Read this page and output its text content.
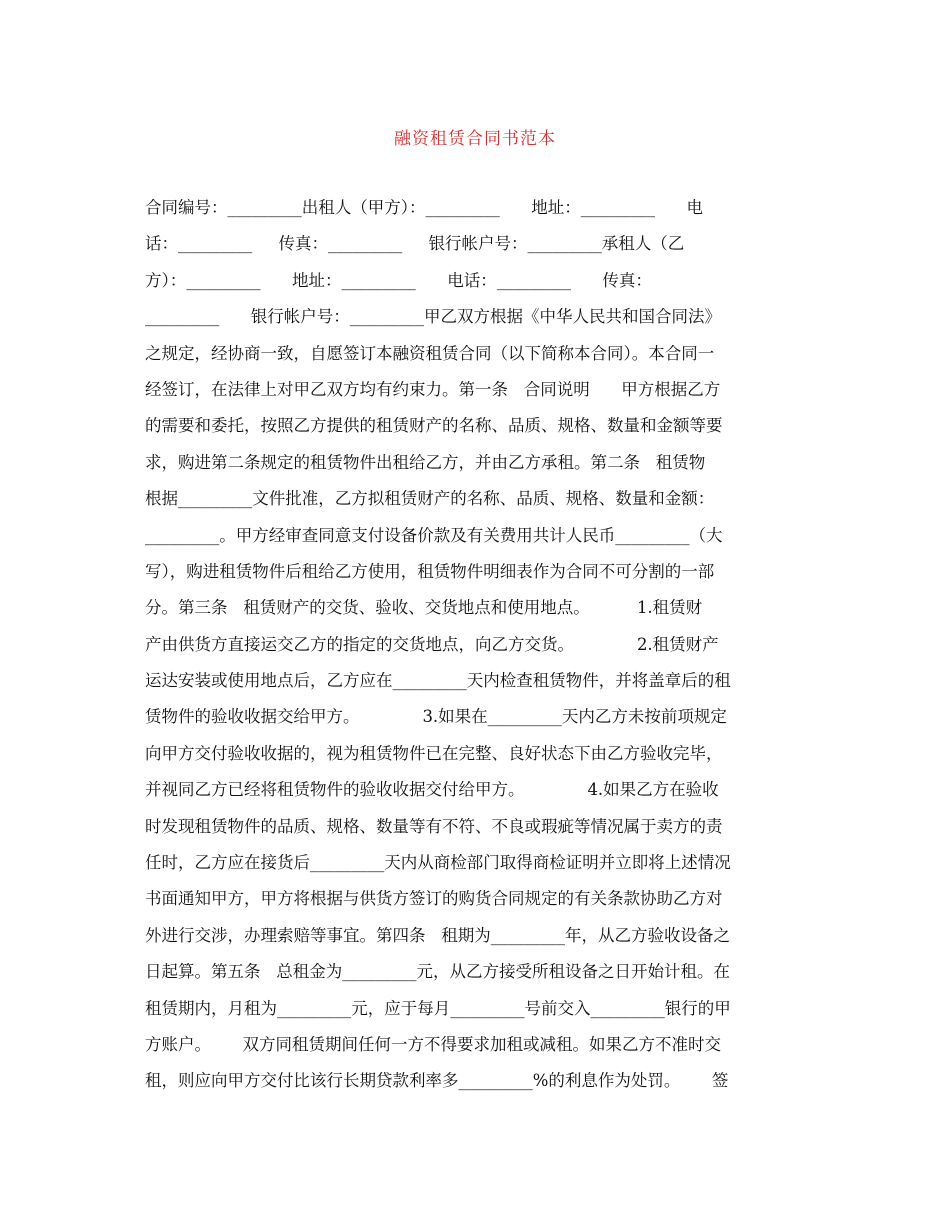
融资租赁合同书范本
合同编号：_________出租人（甲方）：_________      地址：_________      电
话：_________     传真：_________     银行帐户号：_________承租人（乙
方）：_________      地址：_________      电话：_________      传真：
_________      银行帐户号：_________甲乙双方根据《中华人民共和国合同法》
之规定，经协商一致，自愿签订本融资租赁合同（以下简称本合同）。本合同一
经签订，在法律上对甲乙双方均有约束力。第一条   合同说明      甲方根据乙方
的需要和委托，按照乙方提供的租赁财产的名称、品质、规格、数量和金额等要
求，购进第二条规定的租赁物件出租给乙方，并由乙方承租。第二条   租赁物
根据_________文件批准，乙方拟租赁财产的名称、品质、规格、数量和金额：
_________。甲方经审查同意支付设备价款及有关费用共计人民币_________（大
写），购进租赁物件后租给乙方使用，租赁物件明细表作为合同不可分割的一部
分。第三条   租赁财产的交货、验收、交货地点和使用地点。         1.租赁财
产由供货方直接运交乙方的指定的交货地点，向乙方交货。            2.租赁财产
运达安装或使用地点后，乙方应在_________天内检查租赁物件，并将盖章后的租
赁物件的验收收据交给甲方。            3.如果在_________天内乙方未按前项规定
向甲方交付验收收据的，视为租赁物件已在完整、良好状态下由乙方验收完毕，
并视同乙方已经将租赁物件的验收收据交付给甲方。            4.如果乙方在验收
时发现租赁物件的品质、规格、数量等有不符、不良或瑕疵等情况属于卖方的责
任时，乙方应在接货后_________天内从商检部门取得商检证明并立即将上述情况
书面通知甲方，甲方将根据与供货方签订的购货合同规定的有关条款协助乙方对
外进行交涉，办理索赔等事宜。第四条   租期为_________年，从乙方验收设备之
日起算。第五条   总租金为_________元，从乙方接受所租设备之日开始计租。在
租赁期内，月租为_________元，应于每月_________号前交入_________银行的甲
方账户。      双方同租赁期间任何一方不得要求加租或减租。如果乙方不准时交
租，则应向甲方交付比该行长期贷款利率多_________%的利息作为处罚。      签
